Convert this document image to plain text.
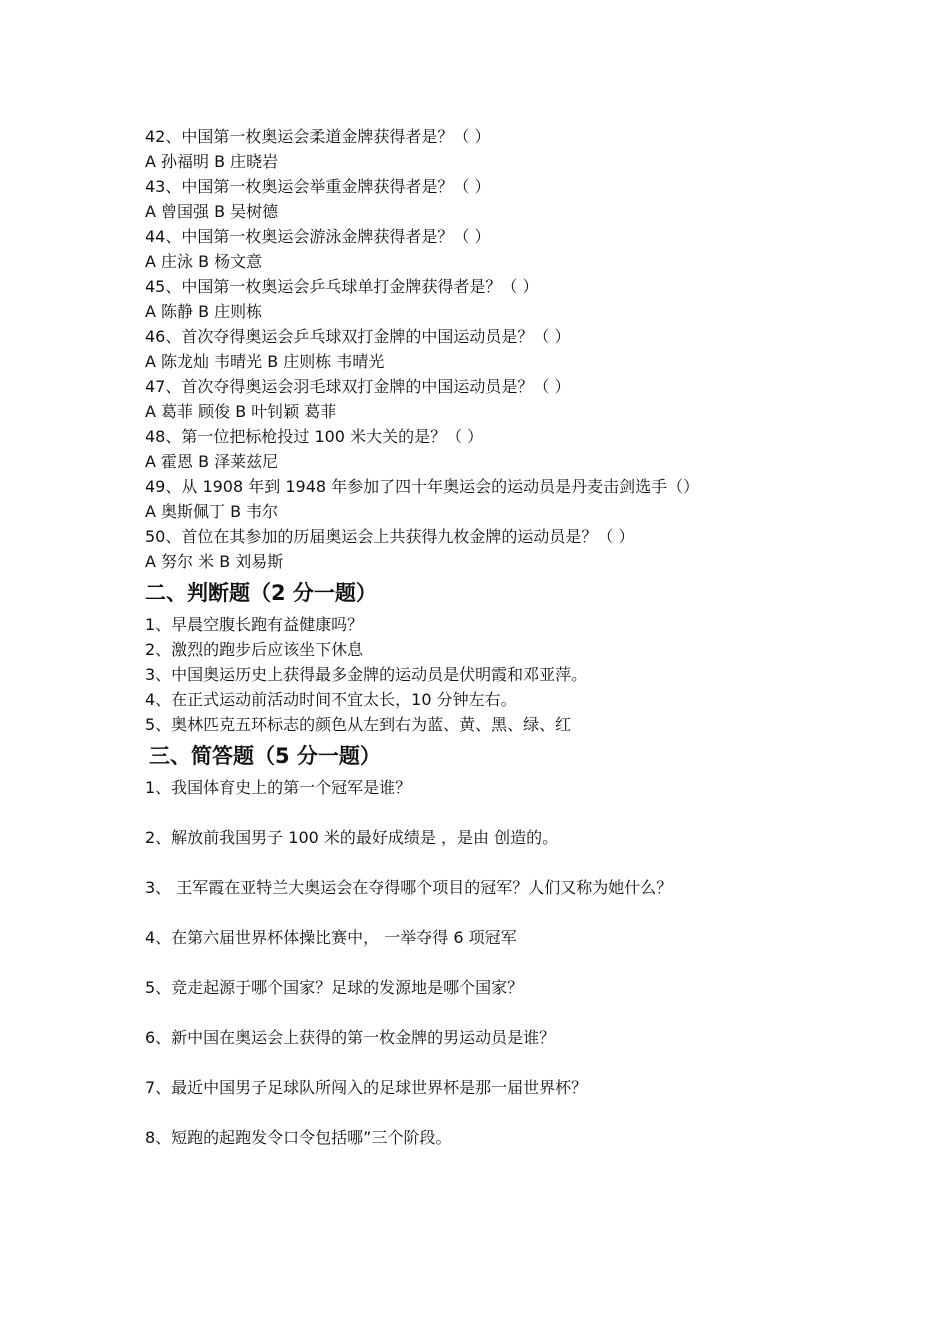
42、中国第一枚奥运会柔道金牌获得者是？（ ）
A 孙福明 B 庄晓岩
43、中国第一枚奥运会举重金牌获得者是？（ ）
A 曾国强 B 吴树德
44、中国第一枚奥运会游泳金牌获得者是？（ ）
A 庄泳 B 杨文意
45、中国第一枚奥运会乒乓球单打金牌获得者是？（ ）
A 陈静 B 庄则栋
46、首次夺得奥运会乒乓球双打金牌的中国运动员是？（ ）
A 陈龙灿 韦晴光 B 庄则栋 韦晴光
47、首次夺得奥运会羽毛球双打金牌的中国运动员是？（ ）
A 葛菲 顾俊 B 叶钊颖 葛菲
48、第一位把标枪投过 100 米大关的是？（ ）
A 霍恩 B 泽莱兹尼
49、从 1908 年到 1948 年参加了四十年奥运会的运动员是丹麦击剑选手（）
A 奥斯佩丁 B 韦尔
50、首位在其参加的历届奥运会上共获得九枚金牌的运动员是？（ ）
A 努尔 米 B 刘易斯
二、判断题（2 分一题）
1、早晨空腹长跑有益健康吗？
2、激烈的跑步后应该坐下休息
3、中国奥运历史上获得最多金牌的运动员是伏明霞和邓亚萍。
4、在正式运动前活动时间不宜太长，10 分钟左右。
5、奥林匹克五环标志的颜色从左到右为蓝、黄、黑、绿、红
三、简答题（5 分一题）
1、我国体育史上的第一个冠军是谁？
2、解放前我国男子 100 米的最好成绩是 ，是由 创造的。
3、 王军霞在亚特兰大奥运会在夺得哪个项目的冠军？人们又称为她什么？
4、在第六届世界杯体操比赛中， 一举夺得 6 项冠军
5、竞走起源于哪个国家？足球的发源地是哪个国家？
6、新中国在奥运会上获得的第一枚金牌的男运动员是谁？
7、最近中国男子足球队所闯入的足球世界杯是那一届世界杯？
8、短跑的起跑发令口令包括哪”三个阶段。
